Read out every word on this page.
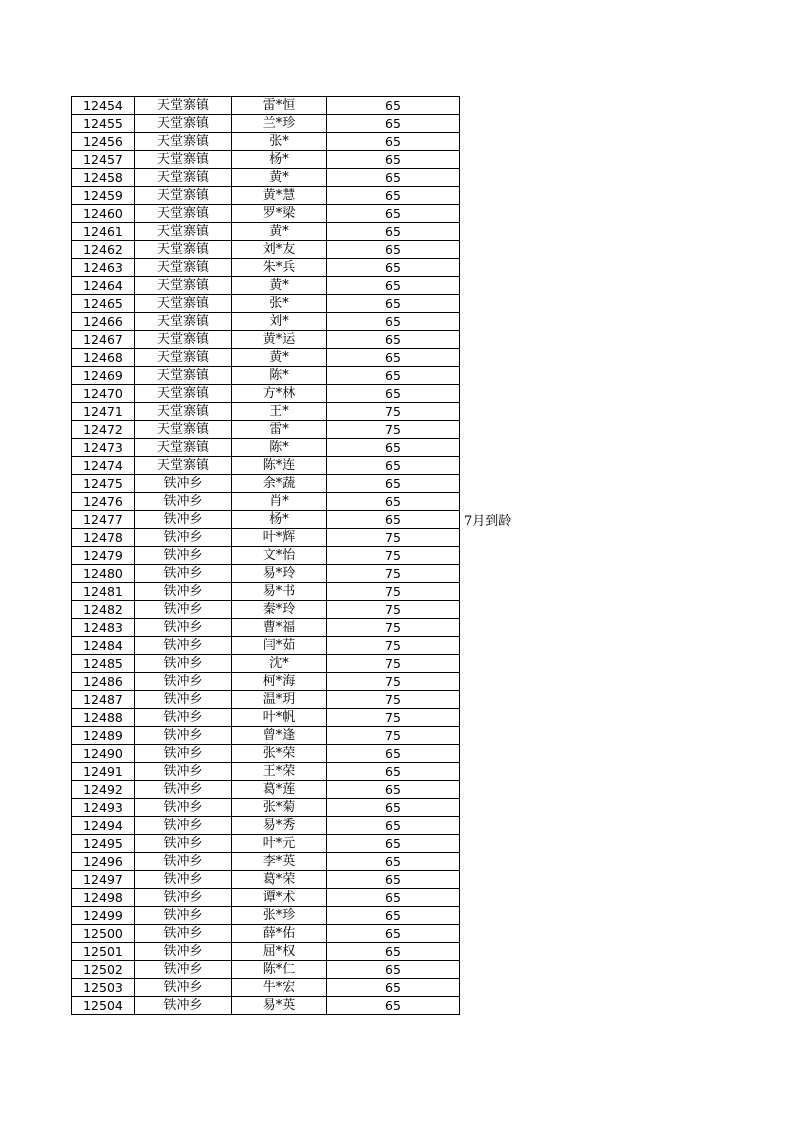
12454	天堂寨镇	雷*恒	65
12455	天堂寨镇	兰*珍	65
12456	天堂寨镇	张*	65
12457	天堂寨镇	杨*	65
12458	天堂寨镇	黄*	65
12459	天堂寨镇	黄*慧	65
12460	天堂寨镇	罗*梁	65
12461	天堂寨镇	黄*	65
12462	天堂寨镇	刘*友	65
12463	天堂寨镇	朱*兵	65
12464	天堂寨镇	黄*	65
12465	天堂寨镇	张*	65
12466	天堂寨镇	刘*	65
12467	天堂寨镇	黄*运	65
12468	天堂寨镇	黄*	65
12469	天堂寨镇	陈*	65
12470	天堂寨镇	方*林	65
12471	天堂寨镇	王*	75
12472	天堂寨镇	雷*	75
12473	天堂寨镇	陈*	65
12474	天堂寨镇	陈*连	65
12475	铁冲乡	余*蔬	65
12476	铁冲乡	肖*	65
12477	铁冲乡	杨*	65
12478	铁冲乡	叶*辉	75
12479	铁冲乡	文*怡	75
12480	铁冲乡	易*玲	75
12481	铁冲乡	易*书	75
12482	铁冲乡	秦*玲	75
12483	铁冲乡	曹*福	75
12484	铁冲乡	闫*茹	75
12485	铁冲乡	沈*	75
12486	铁冲乡	柯*海	75
12487	铁冲乡	温*玥	75
12488	铁冲乡	叶*帆	75
12489	铁冲乡	曾*逢	75
12490	铁冲乡	张*荣	65
12491	铁冲乡	王*荣	65
12492	铁冲乡	葛*莲	65
12493	铁冲乡	张*菊	65
12494	铁冲乡	易*秀	65
12495	铁冲乡	叶*元	65
12496	铁冲乡	李*英	65
12497	铁冲乡	葛*荣	65
12498	铁冲乡	谭*术	65
12499	铁冲乡	张*珍	65
12500	铁冲乡	薛*佑	65
12501	铁冲乡	屈*权	65
12502	铁冲乡	陈*仁	65
12503	铁冲乡	牛*宏	65
12504	铁冲乡	易*英	65
7月到龄
